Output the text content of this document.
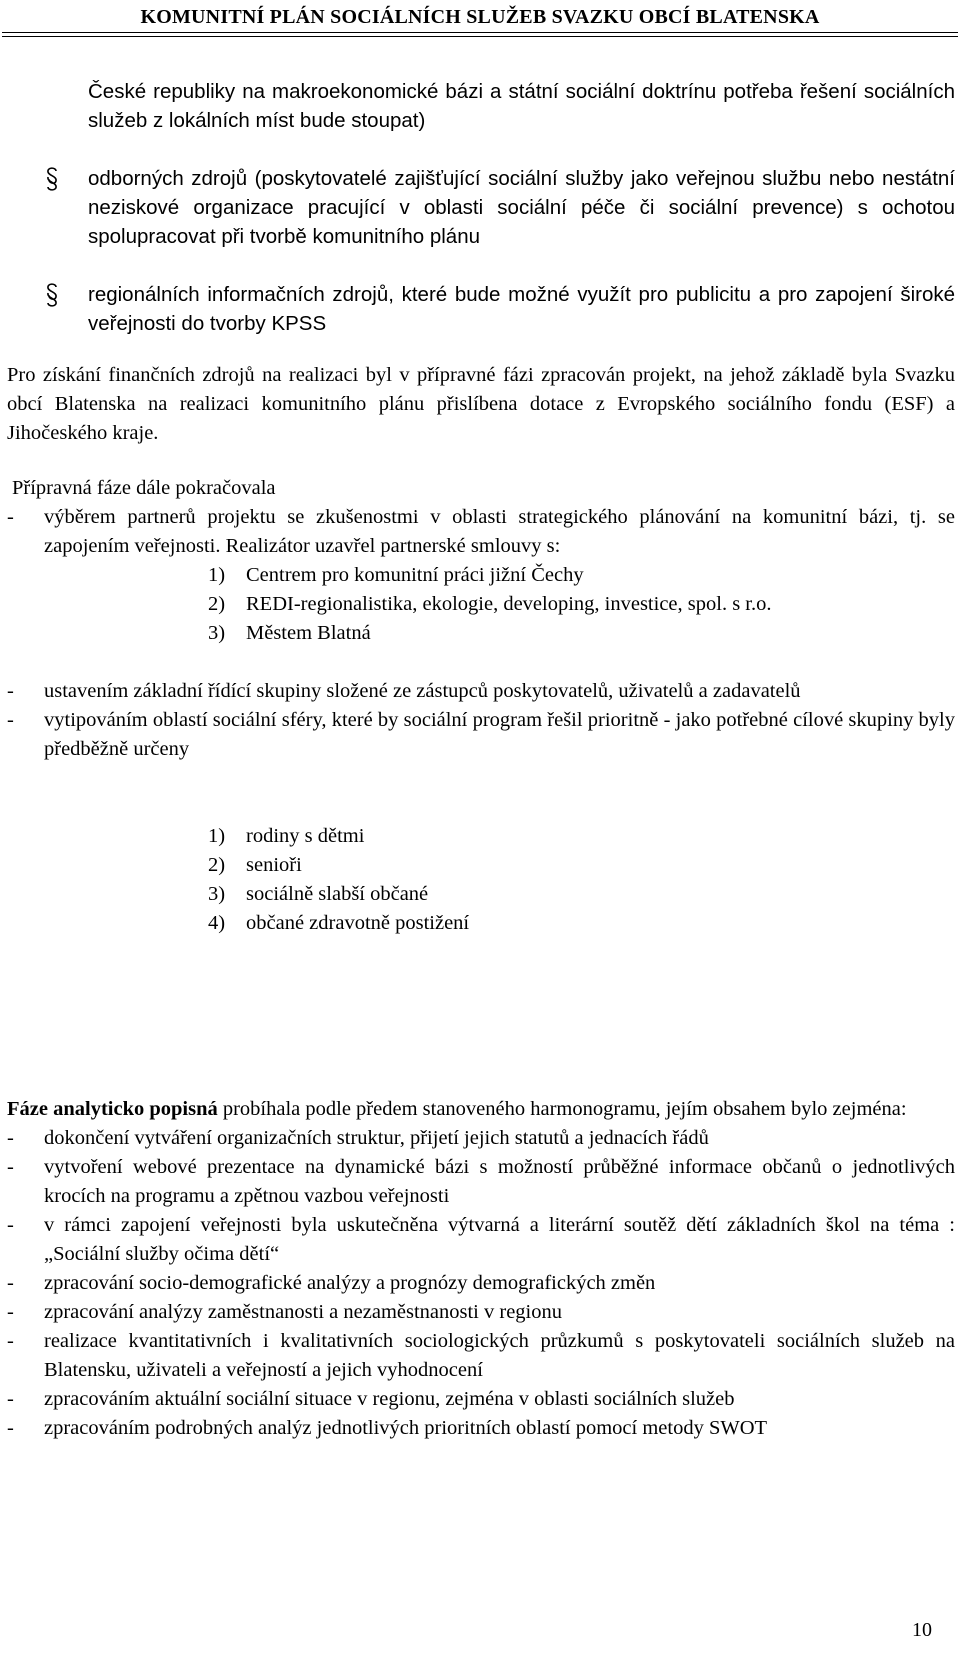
KOMUNITNÍ PLÁN SOCIÁLNÍCH SLUŽEB SVAZKU OBCÍ BLATENSKA

České republiky na makroekonomické bázi a státní sociální doktrínu potřeba řešení sociálních služeb z lokálních míst bude stoupat)

odborných zdrojů (poskytovatelé zajišťující sociální služby jako veřejnou službu nebo nestátní neziskové organizace pracující v oblasti sociální péče či sociální prevence) s ochotou spolupracovat při tvorbě komunitního plánu

regionálních informačních zdrojů, které bude možné využít pro publicitu a pro zapojení široké veřejnosti do tvorby KPSS

Pro získání finančních zdrojů na realizaci byl v přípravné fázi zpracován projekt, na jehož základě byla Svazku obcí Blatenska na realizaci komunitního plánu přislíbena dotace z Evropského sociálního fondu (ESF) a Jihočeského kraje.

Přípravná fáze dále pokračovala

-	výběrem partnerů projektu se zkušenostmi v oblasti strategického plánování na komunitní bázi, tj. se zapojením veřejnosti. Realizátor uzavřel partnerské smlouvy s:
1)	Centrem pro komunitní práci jižní Čechy
2)	REDI-regionalistika, ekologie, developing, investice, spol. s r.o.
3)	Městem Blatná
-	ustavením základní řídící skupiny složené ze zástupců poskytovatelů, uživatelů a zadavatelů
-	vytipováním oblastí sociální sféry, které by sociální program řešil prioritně - jako potřebné cílové skupiny byly předběžně určeny
1)	rodiny s dětmi
2)	senioři
3)	sociálně slabší občané
4)	občané zdravotně postižení

Fáze analyticko popisná probíhala podle předem stanoveného harmonogramu, jejím obsahem bylo zejména:

-	dokončení vytváření organizačních struktur, přijetí jejich statutů a jednacích řádů
-	vytvoření webové prezentace na dynamické bázi s možností průběžné informace občanů o jednotlivých krocích na programu a zpětnou vazbou veřejnosti
-	v rámci zapojení veřejnosti byla uskutečněna výtvarná a literární soutěž dětí základních škol na téma : „Sociální služby očima dětí“
-	zpracování socio-demografické analýzy a prognózy demografických změn
-	zpracování analýzy zaměstnanosti a nezaměstnanosti v regionu
-	realizace kvantitativních i kvalitativních sociologických průzkumů s poskytovateli sociálních služeb na Blatensku, uživateli a veřejností a jejich vyhodnocení
-	zpracováním aktuální sociální situace v regionu, zejména v oblasti sociálních služeb
-	zpracováním podrobných analýz jednotlivých prioritních oblastí pomocí metody SWOT
10
